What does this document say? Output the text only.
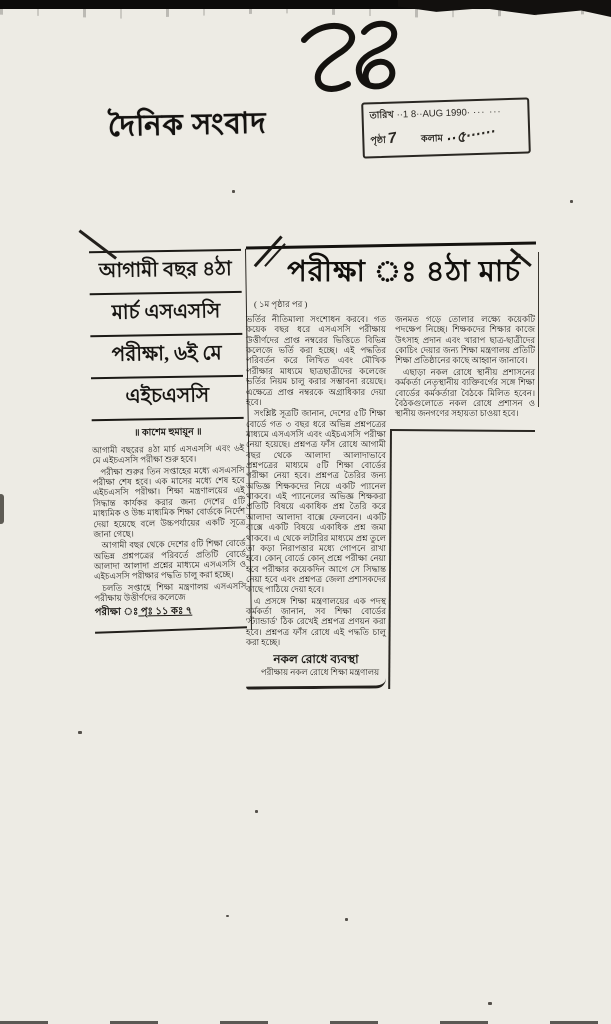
দৈনিক সংবাদ	তারিখ ··1 8··AUG 1990· ··· ···
পৃষ্ঠা 7 কলাম ··৫······
আগামী বছর ৪ঠা
মার্চ এসএসসি
পরীক্ষা, ৬ই মে
এইচএসসি
॥ কাশেম হুমায়ূন ॥

আগামী বছরের ৪ঠা মার্চ এসএসসি এবং ৬ই মে এইচএসসি পরীক্ষা শুরু হবে।

পরীক্ষা শুরুর তিন সপ্তাহের মধ্যে এসএসসি পরীক্ষা শেষ হবে। এক মাসের মধ্যে শেষ হবে এইচএসসি পরীক্ষা। শিক্ষা মন্ত্রণালয়ের এই সিদ্ধান্ত কার্যকর করার জন্য দেশের ৫টি মাধ্যমিক ও উচ্চ মাধ্যমিক শিক্ষা বোর্ডকে নির্দেশ দেয়া হয়েছে বলে উচ্চপর্যায়ের একটি সূত্রে জানা গেছে।

আগামী বছর থেকে দেশের ৫টি শিক্ষা বোর্ডে অভিন্ন প্রশ্নপত্রের পরিবর্তে প্রতিটি বোর্ডে আলাদা আলাদা প্রশ্নের মাধ্যমে এসএসসি ও এইচএসসি পরীক্ষার পদ্ধতি চালু করা হচ্ছে।

চলতি সপ্তাহে শিক্ষা মন্ত্রণালয় এসএসসি পরীক্ষায় উত্তীর্ণদের কলেজে

পরীক্ষা ঃ পৃঃ ১১ কঃ ৭
পরীক্ষা ঃ ৪ঠা মার্চ
( ১ম পৃষ্ঠার পর )

ভর্তির নীতিমালা সংশোধন করবে। গত কয়েক বছর ধরে এসএসসি পরীক্ষায় উত্তীর্ণদের প্রাপ্ত নম্বরের ভিত্তিতে বিভিন্ন কলেজে ভর্তি করা হচ্ছে। এই পদ্ধতির পরিবর্তন করে লিখিত এবং মৌখিক পরীক্ষার মাধ্যমে ছাত্রছাত্রীদের কলেজে ভর্তির নিয়ম চালু করার সম্ভাবনা রয়েছে। এক্ষেত্রে প্রাপ্ত নম্বরকে অগ্রাধিকার দেয়া হবে।

সংশ্লিষ্ট সূত্রটি জানান, দেশের ৫টি শিক্ষা বোর্ডে গত ৩ বছর ধরে অভিন্ন প্রশ্নপত্রের মাধ্যমে এসএসসি এবং এইচএসসি পরীক্ষা নেয়া হয়েছে। প্রশ্নপত্র ফাঁস রোধে আগামী বছর থেকে আলাদা আলাদাভাবে প্রশ্নপত্রের মাধ্যমে ৫টি শিক্ষা বোর্ডের পরীক্ষা নেয়া হবে। প্রশ্নপত্র তৈরির জন্য অভিজ্ঞ শিক্ষকদের নিয়ে একটি প্যানেল থাকবে। এই প্যানেলের অভিজ্ঞ শিক্ষকরা প্রতিটি বিষয়ে একাধিক প্রশ্ন তৈরি করে আলাদা আলাদা বাক্সে ফেলবেন। একটি বাক্সে একটি বিষয়ে একাধিক প্রশ্ন জমা থাকবে। এ থেকে লটারির মাধ্যমে প্রশ্ন তুলে তা কড়া নিরাপত্তার মধ্যে গোপনে রাখা হবে। কোন্ বোর্ডে কোন্ প্রশ্নে পরীক্ষা নেয়া হবে পরীক্ষার কয়েকদিন আগে সে সিদ্ধান্ত নেয়া হবে এবং প্রশ্নপত্র জেলা প্রশাসকদের কাছে পাঠিয়ে দেয়া হবে।

এ প্রসঙ্গে শিক্ষা মন্ত্রণালয়ের এক পদস্থ কর্মকর্তা জানান, সব শিক্ষা বোর্ডের 'স্ট্যান্ডার্ড' ঠিক রেখেই প্রশ্নপত্র প্রণয়ন করা হবে। প্রশ্নপত্র ফাঁস রোধে এই পদ্ধতি চালু করা হচ্ছে।

নকল রোধে ব্যবস্থা

পরীক্ষায় নকল রোধে শিক্ষা মন্ত্রণালয়

জনমত গড়ে তোলার লক্ষ্যে কয়েকটি পদক্ষেপ নিচ্ছে। শিক্ষকদের শিক্ষার কাজে উৎসাহ প্রদান এবং খারাপ ছাত্র-ছাত্রীদের কোচিং দেয়ার জন্য শিক্ষা মন্ত্রণালয় প্রতিটি শিক্ষা প্রতিষ্ঠানের কাছে আহ্বান জানাবে।

এছাড়া নকল রোধে স্থানীয় প্রশাসনের কর্মকর্তা নেতৃস্থানীয় ব্যক্তিবর্গের সঙ্গে শিক্ষা বোর্ডের কর্মকর্তারা বৈঠকে মিলিত হবেন। বৈঠকগুলোতে নকল রোধে প্রশাসন ও স্থানীয় জনগণের সহায়তা চাওয়া হবে।
